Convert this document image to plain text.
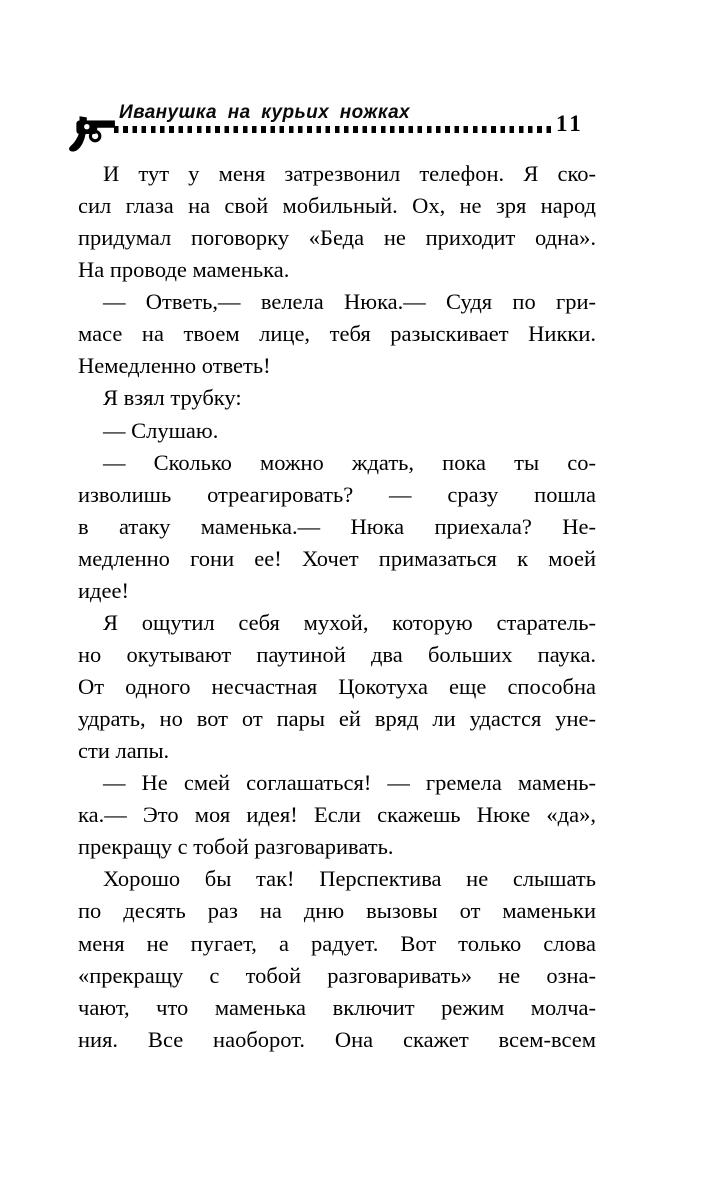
Иванушка на курьих ножках	11
И тут у меня затрезвонил телефон. Я ско-
сил глаза на свой мобильный. Ох, не зря народ
придумал поговорку «Беда не приходит одна».
На проводе маменька.
— Ответь,— велела Нюка.— Судя по гри-
масе на твоем лице, тебя разыскивает Никки.
Немедленно ответь!
Я взял трубку:
— Слушаю.
— Сколько можно ждать, пока ты со-
изволишь отреагировать? — сразу пошла
в атаку маменька.— Нюка приехала? Не-
медленно гони ее! Хочет примазаться к моей
идее!
Я ощутил себя мухой, которую старатель-
но окутывают паутиной два больших паука.
От одного несчастная Цокотуха еще способна
удрать, но вот от пары ей вряд ли удастся уне-
сти лапы.
— Не смей соглашаться! — гремела мамень-
ка.— Это моя идея! Если скажешь Нюке «да»,
прекращу с тобой разговаривать.
Хорошо бы так! Перспектива не слышать
по десять раз на дню вызовы от маменьки
меня не пугает, а радует. Вот только слова
«прекращу с тобой разговаривать» не озна-
чают, что маменька включит режим молча-
ния. Все наоборот. Она скажет всем-всем
